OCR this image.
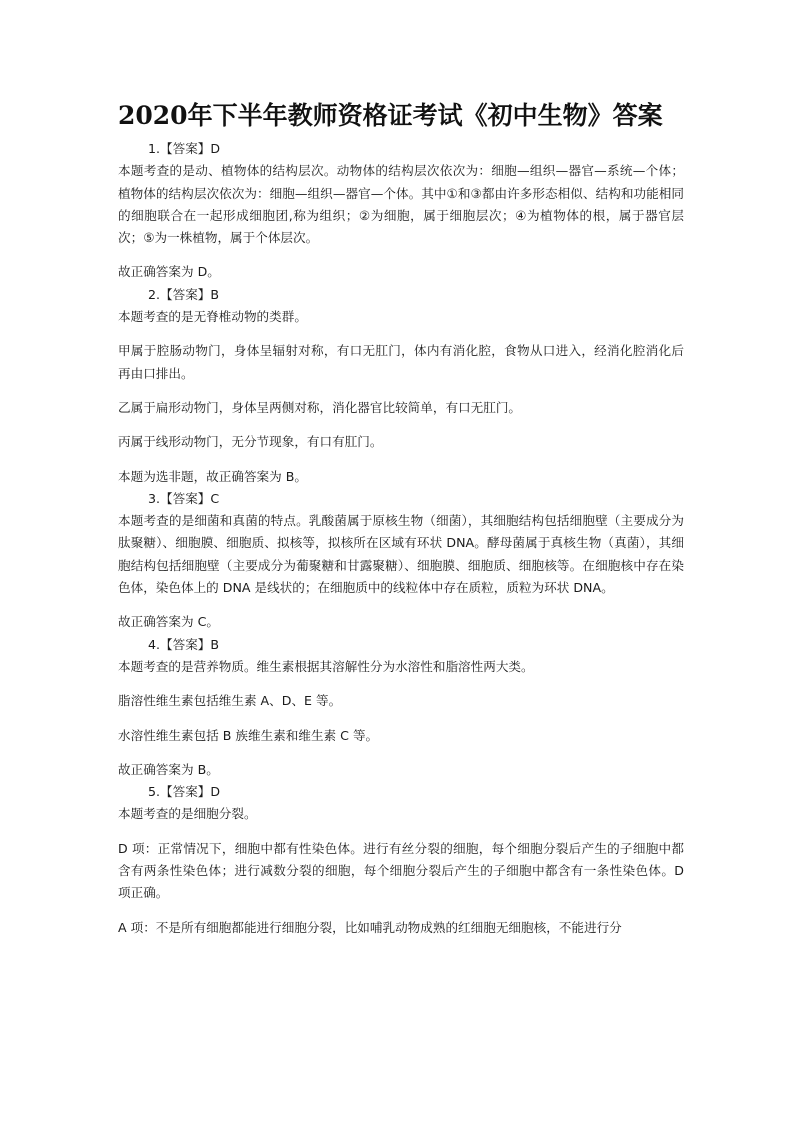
2020年下半年教师资格证考试《初中生物》答案
1.【答案】D

本题考查的是动、植物体的结构层次。动物体的结构层次依次为：细胞—组织—器官—系统—个体；植物体的结构层次依次为：细胞—组织—器官—个体。其中①和③都由许多形态相似、结构和功能相同的细胞联合在一起形成细胞团,称为组织；②为细胞，属于细胞层次；④为植物体的根，属于器官层次；⑤为一株植物，属于个体层次。

故正确答案为 D。

2.【答案】B

本题考查的是无脊椎动物的类群。

甲属于腔肠动物门，身体呈辐射对称，有口无肛门，体内有消化腔，食物从口进入，经消化腔消化后再由口排出。

乙属于扁形动物门，身体呈两侧对称，消化器官比较简单，有口无肛门。

丙属于线形动物门，无分节现象，有口有肛门。

本题为选非题，故正确答案为 B。

3.【答案】C

本题考查的是细菌和真菌的特点。乳酸菌属于原核生物（细菌），其细胞结构包括细胞壁（主要成分为肽聚糖）、细胞膜、细胞质、拟核等，拟核所在区域有环状 DNA。酵母菌属于真核生物（真菌），其细胞结构包括细胞壁（主要成分为葡聚糖和甘露聚糖）、细胞膜、细胞质、细胞核等。在细胞核中存在染色体，染色体上的 DNA 是线状的；在细胞质中的线粒体中存在质粒，质粒为环状 DNA。

故正确答案为 C。

4.【答案】B

本题考查的是营养物质。维生素根据其溶解性分为水溶性和脂溶性两大类。

脂溶性维生素包括维生素 A、D、E 等。

水溶性维生素包括 B 族维生素和维生素 C 等。

故正确答案为 B。

5.【答案】D

本题考查的是细胞分裂。

D 项：正常情况下，细胞中都有性染色体。进行有丝分裂的细胞，每个细胞分裂后产生的子细胞中都含有两条性染色体；进行减数分裂的细胞，每个细胞分裂后产生的子细胞中都含有一条性染色体。D 项正确。

A 项：不是所有细胞都能进行细胞分裂，比如哺乳动物成熟的红细胞无细胞核，不能进行分
